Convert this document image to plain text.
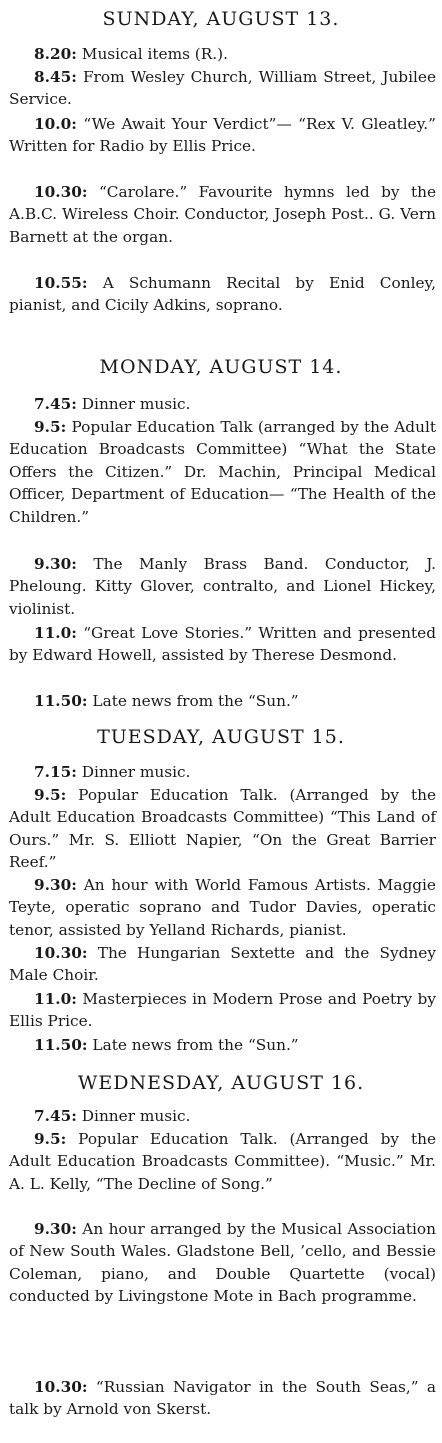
SUNDAY, AUGUST 13.
8.20: Musical items (R.).
8.45: From Wesley Church, William Street, Jubilee Service.
10.0: “We Await Your Verdict”— “Rex V. Gleatley.” Written for Radio by Ellis Price.
10.30: “Carolare.” Favourite hymns led by the A.B.C. Wireless Choir. Conductor, Joseph Post.. G. Vern Barnett at the organ.
10.55: A Schumann Recital by Enid Conley, pianist, and Cicily Adkins, soprano.
MONDAY, AUGUST 14.
7.45: Dinner music.
9.5: Popular Education Talk (arranged by the Adult Education Broadcasts Committee) “What the State Offers the Citizen.” Dr. Machin, Principal Medical Officer, Department of Education— “The Health of the Children.”
9.30: The Manly Brass Band. Conductor, J. Pheloung. Kitty Glover, contralto, and Lionel Hickey, violinist.
11.0: “Great Love Stories.” Written and presented by Edward Howell, assisted by Therese Desmond.
11.50: Late news from the “Sun.”
TUESDAY, AUGUST 15.
7.15: Dinner music.
9.5: Popular Education Talk. (Arranged by the Adult Education Broadcasts Committee) “This Land of Ours.” Mr. S. Elliott Napier, “On the Great Barrier Reef.”
9.30: An hour with World Famous Artists. Maggie Teyte, operatic soprano and Tudor Davies, operatic tenor, assisted by Yelland Richards, pianist.
10.30: The Hungarian Sextette and the Sydney Male Choir.
11.0: Masterpieces in Modern Prose and Poetry by Ellis Price.
11.50: Late news from the “Sun.”
WEDNESDAY, AUGUST 16.
7.45: Dinner music.
9.5: Popular Education Talk. (Arranged by the Adult Education Broadcasts Committee). “Music.” Mr. A. L. Kelly, “The Decline of Song.”
9.30: An hour arranged by the Musical Association of New South Wales. Gladstone Bell, ’cello, and Bessie Coleman, piano, and Double Quartette (vocal) conducted by Livingstone Mote in Bach programme.
10.30: “Russian Navigator in the South Seas,” a talk by Arnold von Skerst.
